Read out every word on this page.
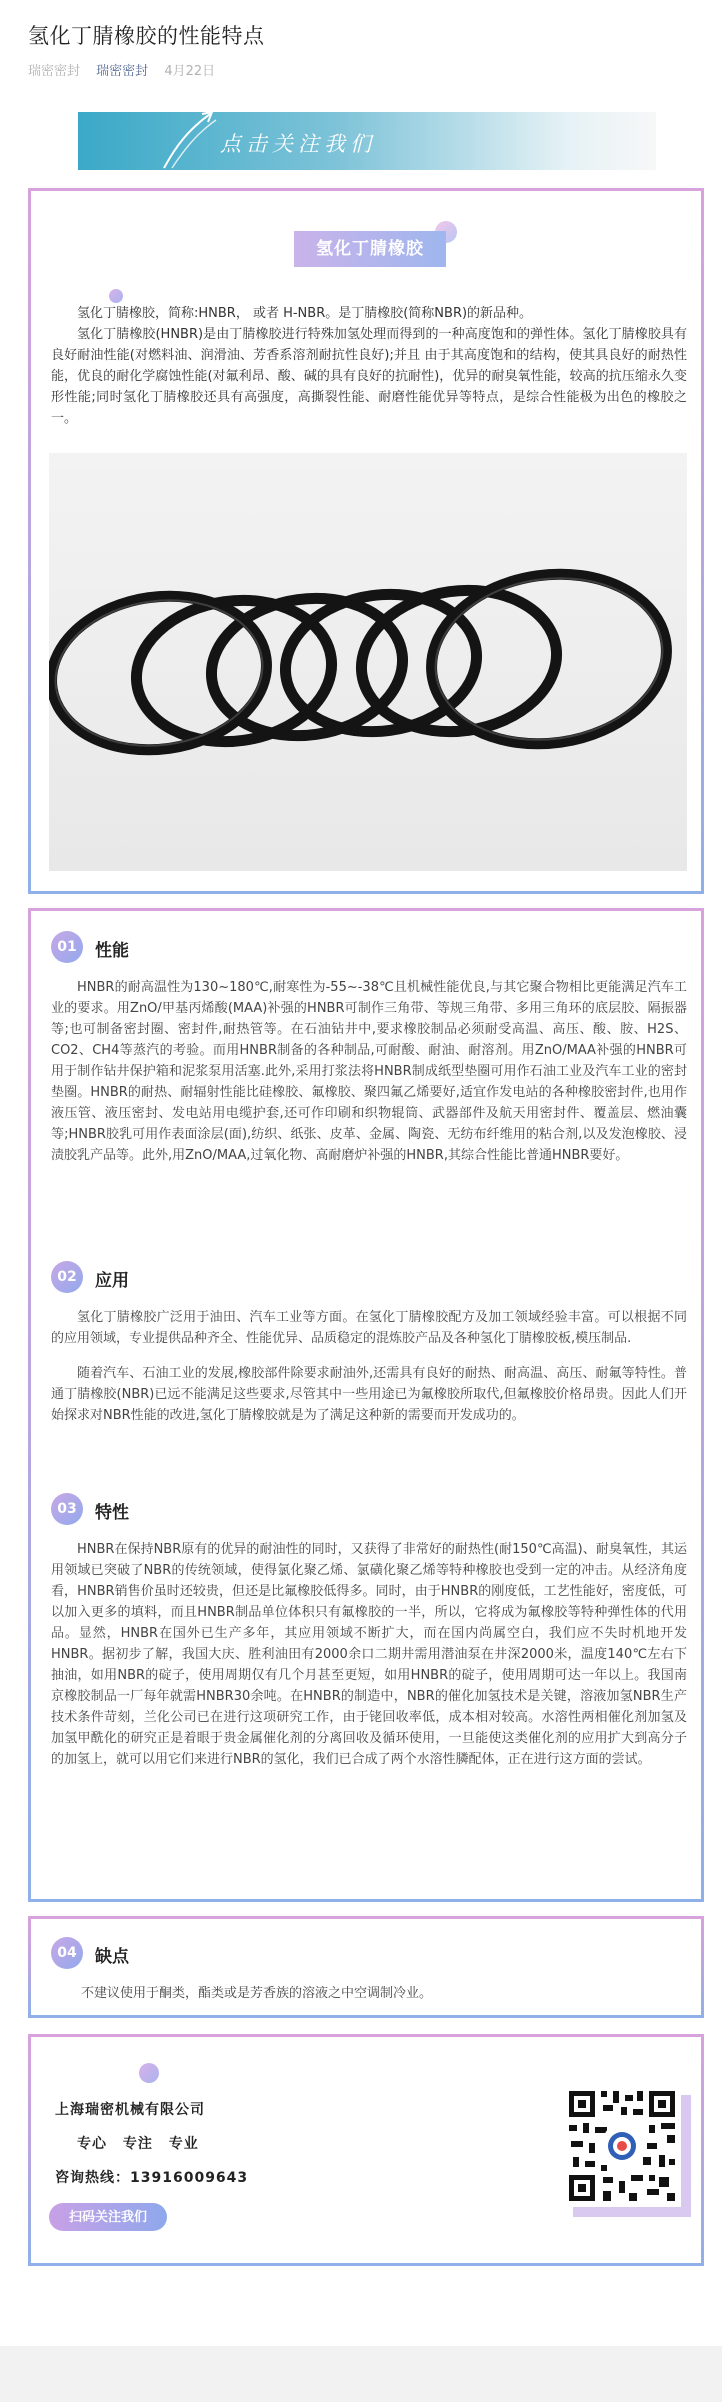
氢化丁腈橡胶的性能特点
瑞密密封 瑞密密封 4月22日
点击关注我们
氢化丁腈橡胶

氢化丁腈橡胶，简称:HNBR， 或者 H-NBR。是丁腈橡胶(简称NBR)的新品种。

氢化丁腈橡胶(HNBR)是由丁腈橡胶进行特殊加氢处理而得到的一种高度饱和的弹性体。氢化丁腈橡胶具有良好耐油性能(对燃料油、润滑油、芳香系溶剂耐抗性良好);并且 由于其高度饱和的结构，使其具良好的耐热性能，优良的耐化学腐蚀性能(对氟利昂、酸、碱的具有良好的抗耐性)，优异的耐臭氧性能，较高的抗压缩永久变形性能;同时氢化丁腈橡胶还具有高强度，高撕裂性能、耐磨性能优异等特点，是综合性能极为出色的橡胶之一。

01	性能

HNBR的耐高温性为130~180℃,耐寒性为-55~-38℃且机械性能优良,与其它聚合物相比更能满足汽车工业的要求。用ZnO/甲基丙烯酸(MAA)补强的HNBR可制作三角带、等规三角带、多用三角环的底层胶、隔振器等;也可制备密封圈、密封件,耐热管等。在石油钻井中,要求橡胶制品必须耐受高温、高压、酸、胺、H2S、CO2、CH4等蒸汽的考验。而用HNBR制备的各种制品,可耐酸、耐油、耐溶剂。用ZnO/MAA补强的HNBR可用于制作钻井保护箱和泥浆泵用活塞.此外,采用打浆法将HNBR制成纸型垫圈可用作石油工业及汽车工业的密封垫圈。HNBR的耐热、耐辐射性能比硅橡胶、氟橡胶、聚四氟乙烯要好,适宜作发电站的各种橡胶密封件,也用作液压管、液压密封、发电站用电缆护套,还可作印刷和织物辊筒、武器部件及航天用密封件、覆盖层、燃油囊等;HNBR胶乳可用作表面涂层(面),纺织、纸张、皮革、金属、陶瓷、无纺布纤维用的粘合剂,以及发泡橡胶、浸渍胶乳产品等。此外,用ZnO/MAA,过氧化物、高耐磨炉补强的HNBR,其综合性能比普通HNBR要好。

02	应用

氢化丁腈橡胶广泛用于油田、汽车工业等方面。在氢化丁腈橡胶配方及加工领域经验丰富。可以根据不同的应用领域，专业提供品种齐全、性能优异、品质稳定的混炼胶产品及各种氢化丁腈橡胶板,模压制品.

随着汽车、石油工业的发展,橡胶部件除要求耐油外,还需具有良好的耐热、耐高温、高压、耐氟等特性。普通丁腈橡胶(NBR)已远不能满足这些要求,尽管其中一些用途已为氟橡胶所取代,但氟橡胶价格昂贵。因此人们开始探求对NBR性能的改进,氢化丁腈橡胶就是为了满足这种新的需要而开发成功的。

03	特性

HNBR在保持NBR原有的优异的耐油性的同时，又获得了非常好的耐热性(耐150℃高温)、耐臭氧性，其运用领域已突破了NBR的传统领域，使得氯化聚乙烯、氯磺化聚乙烯等特种橡胶也受到一定的冲击。从经济角度看，HNBR销售价虽时还较贵，但还是比氟橡胶低得多。同时，由于HNBR的刚度低，工艺性能好，密度低，可以加入更多的填料，而且HNBR制品单位体积只有氟橡胶的一半，所以，它将成为氟橡胶等特种弹性体的代用品。显然，HNBR在国外已生产多年，其应用领域不断扩大，而在国内尚属空白，我们应不失时机地开发HNBR。据初步了解，我国大庆、胜利油田有2000余口二期井需用潜油泵在井深2000米，温度140℃左右下抽油，如用NBR的碇子，使用周期仅有几个月甚至更短，如用HNBR的碇子，使用周期可达一年以上。我国南京橡胶制品一厂每年就需HNBR30余吨。在HNBR的制造中，NBR的催化加氢技术是关键，溶液加氢NBR生产技术条件苛刻，兰化公司已在进行这项研究工作，由于铑回收率低，成本相对较高。水溶性两相催化剂加氢及加氢甲酰化的研究正是着眼于贵金属催化剂的分离回收及循环使用，一旦能使这类催化剂的应用扩大到高分子的加氢上，就可以用它们来进行NBR的氢化，我们已合成了两个水溶性膦配体，正在进行这方面的尝试。

04	缺点

不建议使用于酮类，酯类或是芳香族的溶液之中空调制冷业。

上海瑞密机械有限公司
专心 专注 专业
咨询热线：13916009643
扫码关注我们
